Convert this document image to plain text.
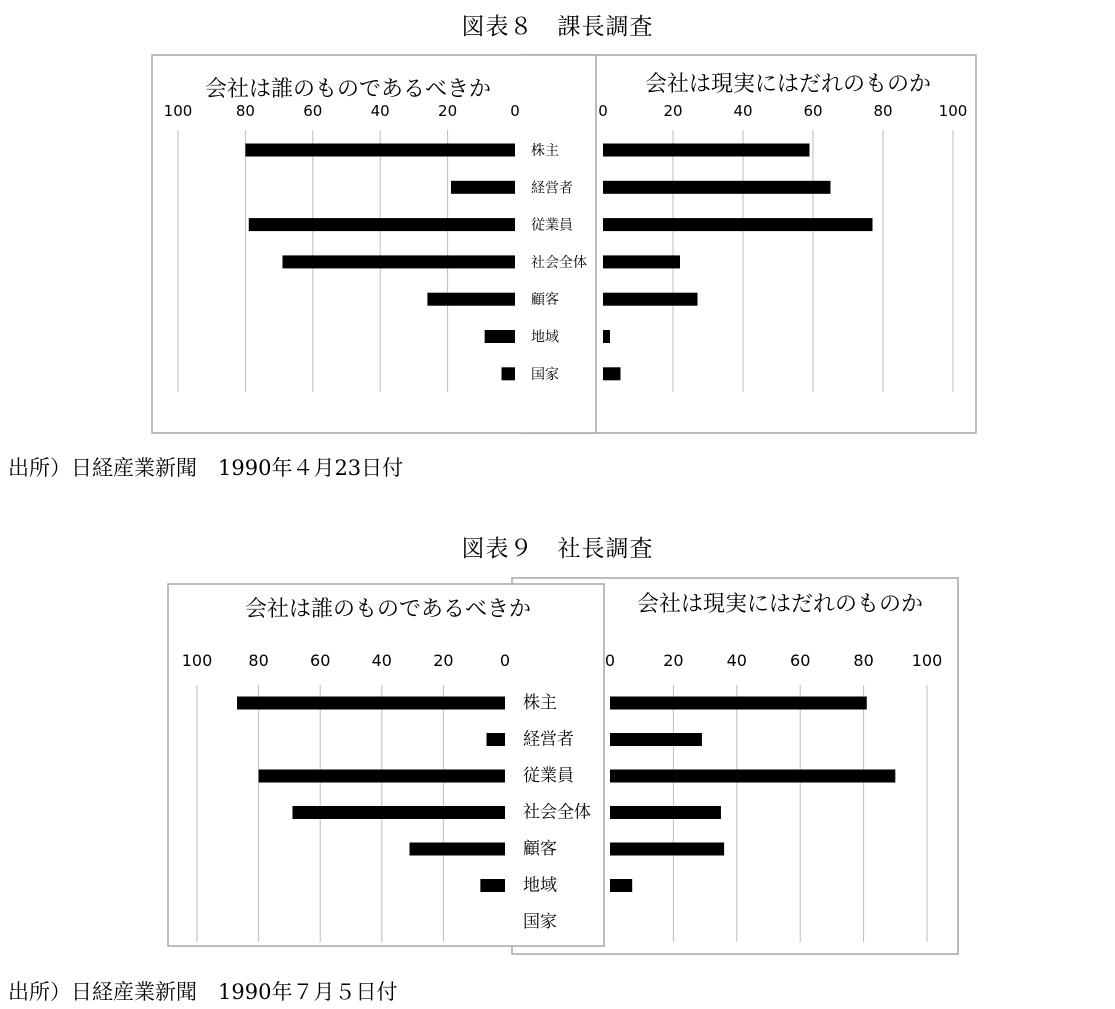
図表８　課長調査
図表９　社長調査
会社は誰のものであるべきか	会社は現実にはだれのものか
0	0
20	20
40	40
60	60
80	80
100	100
株主
経営者
従業員
社会全体
顧客
地域
国家
会社は誰のものであるべきか	会社は現実にはだれのものか
0	0
20	20
40	40
60	60
80	80
100	100
株主
経営者
従業員
社会全体
顧客
地域
国家
出所）日経産業新聞　1990年４月23日付
出所）日経産業新聞　1990年７月５日付
